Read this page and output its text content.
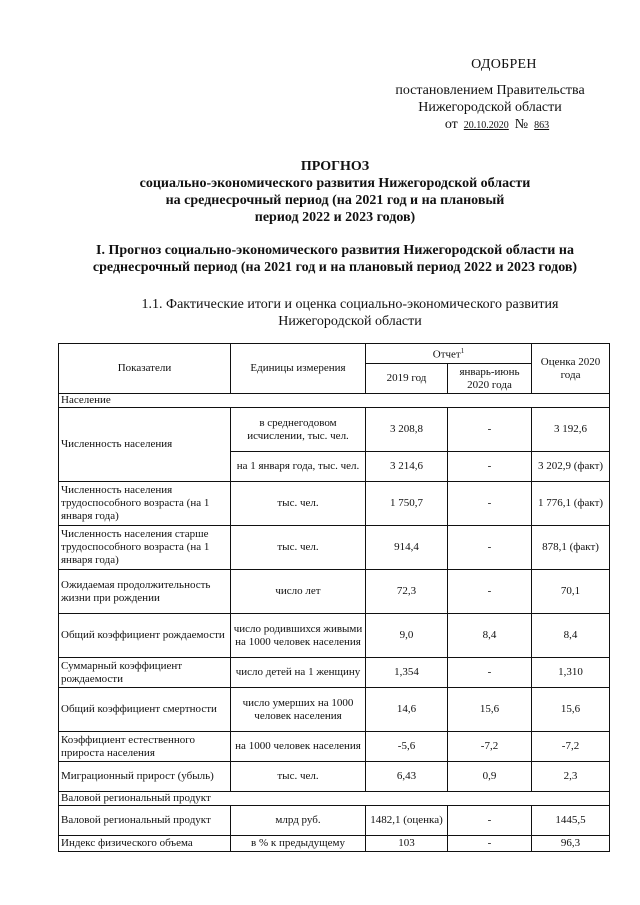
ОДОБРЕН
постановлением Правительства
Нижегородской области
от 20.10.2020 № 863
ПРОГНОЗ
социально-экономического развития Нижегородской области
на среднесрочный период (на 2021 год и на плановый
период 2022 и 2023 годов)
I. Прогноз социально-экономического развития Нижегородской области на
среднесрочный период (на 2021 год и на плановый период 2022 и 2023 годов)
1.1. Фактические итоги и оценка социально-экономического развития
Нижегородской области
Показатели	Единицы измерения	Отчет$^1$		Оценка 2020 года
		2019 год	январь-июнь 2020 года	
Население				
Численность населения	в среднегодовом исчислении, тыс. чел.	3 208,8	-	3 192,6
	на 1 января года, тыс. чел.	3 214,6	-	3 202,9 (факт)
Численность населения трудоспособного возраста (на 1 января года)	тыс. чел.	1 750,7	-	1 776,1 (факт)
Численность населения старше трудоспособного возраста (на 1 января года)	тыс. чел.	914,4	-	878,1 (факт)
Ожидаемая продолжительность жизни при рождении	число лет	72,3	-	70,1
Общий коэффициент рождаемости	число родившихся живыми на 1000 человек населения	9,0	8,4	8,4
Суммарный коэффициент рождаемости	число детей на 1 женщину	1,354	-	1,310
Общий коэффициент смертности	число умерших на 1000 человек населения	14,6	15,6	15,6
Коэффициент естественного прироста населения	на 1000 человек населения	-5,6	-7,2	-7,2
Миграционный прирост (убыль)	тыс. чел.	6,43	0,9	2,3
Валовой региональный продукт				
Валовой региональный продукт	млрд руб.	1482,1 (оценка)	-	1445,5
Индекс физического объема	в % к предыдущему	103	-	96,3
